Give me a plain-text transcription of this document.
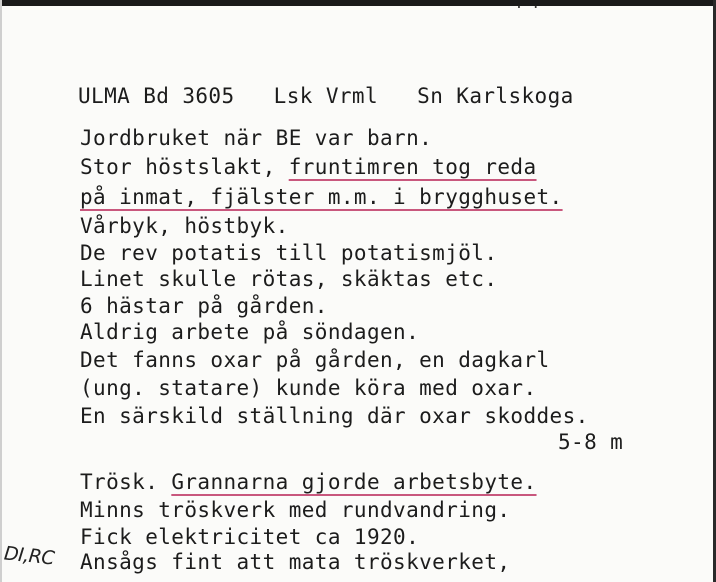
· ·
ULMA Bd 3605 Lsk Vrml Sn Karlskoga
Jordbruket när BE var barn.
Stor höstslakt, fruntimren tog reda
på inmat, fjälster m.m. i brygghuset.
Vårbyk, höstbyk.
De rev potatis till potatismjöl.
Linet skulle rötas, skäktas etc.
6 hästar på gården.
Aldrig arbete på söndagen.
Det fanns oxar på gården, en dagkarl
(ung. statare) kunde köra med oxar.
En särskild ställning där oxar skoddes.
5-8 m
Trösk. Grannarna gjorde arbetsbyte.
Minns tröskverk med rundvandring.
Fick elektricitet ca 1920.
Ansågs fint att mata tröskverket,
DI,RC
